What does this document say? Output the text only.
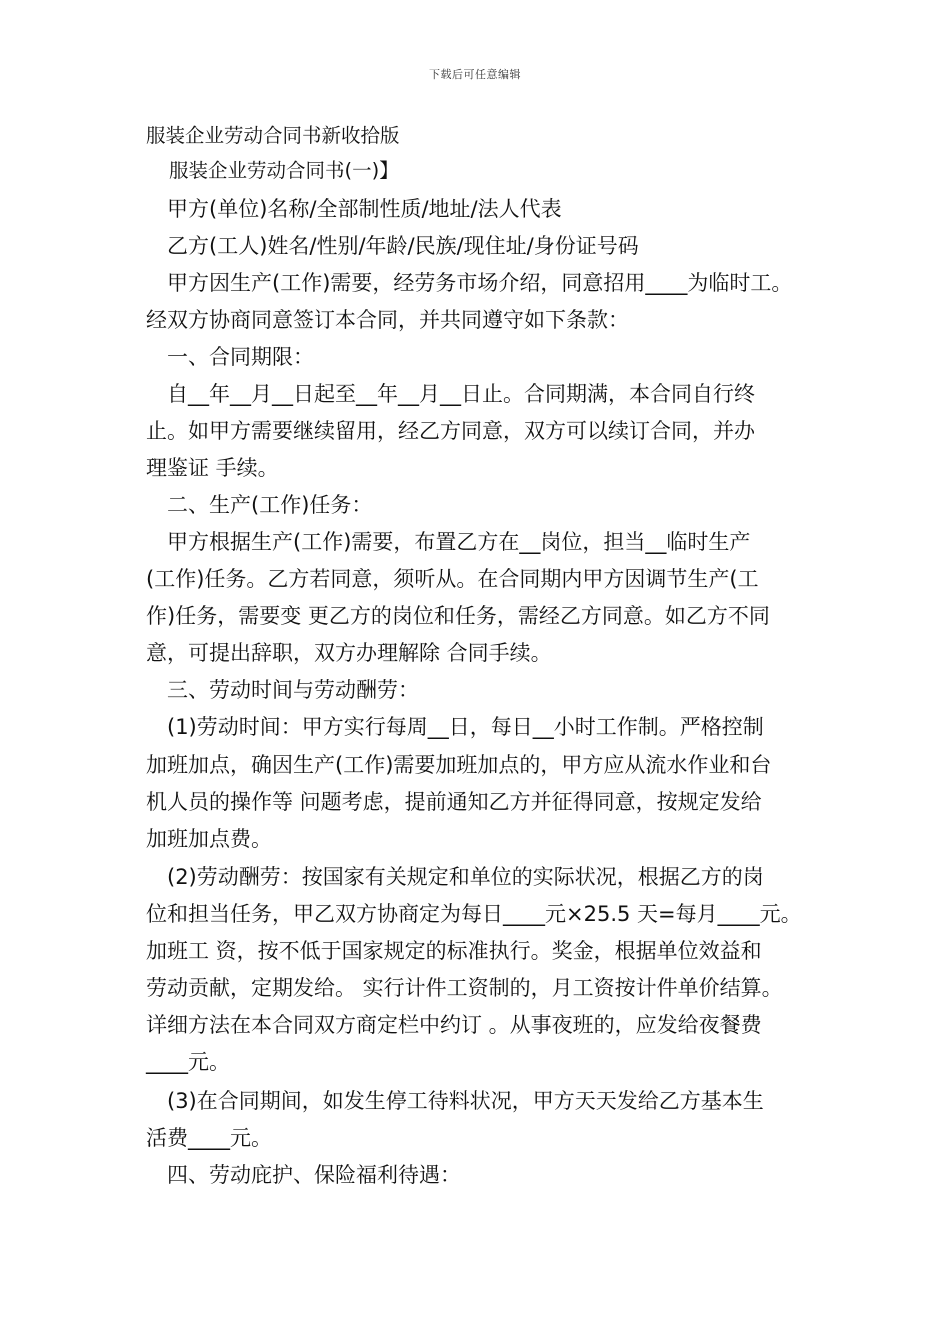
下载后可任意编辑
服装企业劳动合同书新收拾版
服装企业劳动合同书(一)】
甲方(单位)名称/全部制性质/地址/法人代表
乙方(工人)姓名/性别/年龄/民族/现住址/身份证号码
甲方因生产(工作)需要，经劳务市场介绍，同意招用____为临时工。
经双方协商同意签订本合同，并共同遵守如下条款：
一、合同期限：
自__年__月__日起至__年__月__日止。合同期满，本合同自行终
止。如甲方需要继续留用，经乙方同意，双方可以续订合同，并办
理鉴证 手续。
二、生产(工作)任务：
甲方根据生产(工作)需要，布置乙方在__岗位，担当__临时生产
(工作)任务。乙方若同意，须听从。在合同期内甲方因调节生产(工
作)任务，需要变 更乙方的岗位和任务，需经乙方同意。如乙方不同
意，可提出辞职，双方办理解除 合同手续。
三、劳动时间与劳动酬劳：
(1)劳动时间：甲方实行每周__日，每日__小时工作制。严格控制
加班加点，确因生产(工作)需要加班加点的，甲方应从流水作业和台
机人员的操作等 问题考虑，提前通知乙方并征得同意，按规定发给
加班加点费。
(2)劳动酬劳：按国家有关规定和单位的实际状况，根据乙方的岗
位和担当任务，甲乙双方协商定为每日____元×25.5 天=每月____元。
加班工 资，按不低于国家规定的标准执行。奖金，根据单位效益和
劳动贡献，定期发给。 实行计件工资制的，月工资按计件单价结算。
详细方法在本合同双方商定栏中约订 。从事夜班的，应发给夜餐费
____元。
(3)在合同期间，如发生停工待料状况，甲方天天发给乙方基本生
活费____元。
四、劳动庇护、保险福利待遇：
